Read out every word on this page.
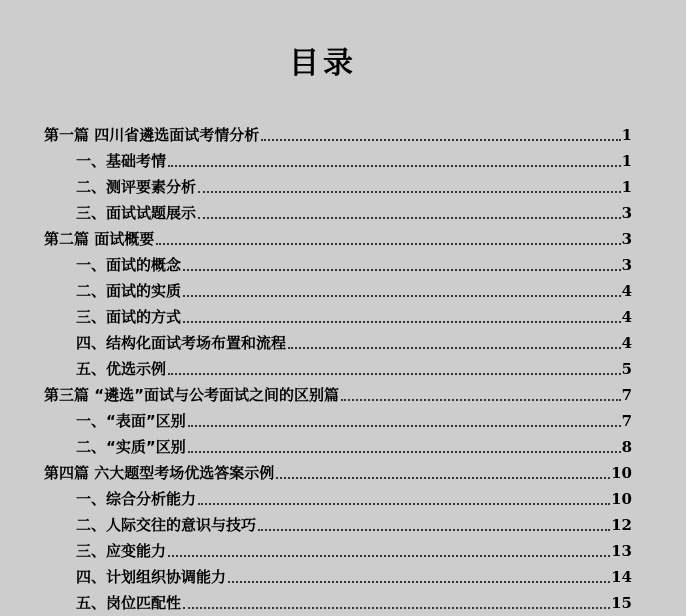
目录
第一篇 四川省遴选面试考情分析	1
一、基础考情	1
二、测评要素分析	1
三、面试试题展示	3
第二篇 面试概要	3
一、面试的概念	3
二、面试的实质	4
三、面试的方式	4
四、结构化面试考场布置和流程	4
五、优选示例	5
第三篇 “遴选”面试与公考面试之间的区别篇	7
一、“表面”区别	7
二、“实质”区别	8
第四篇 六大题型考场优选答案示例	10
一、综合分析能力	10
二、人际交往的意识与技巧	12
三、应变能力	13
四、计划组织协调能力	14
五、岗位匹配性	15
